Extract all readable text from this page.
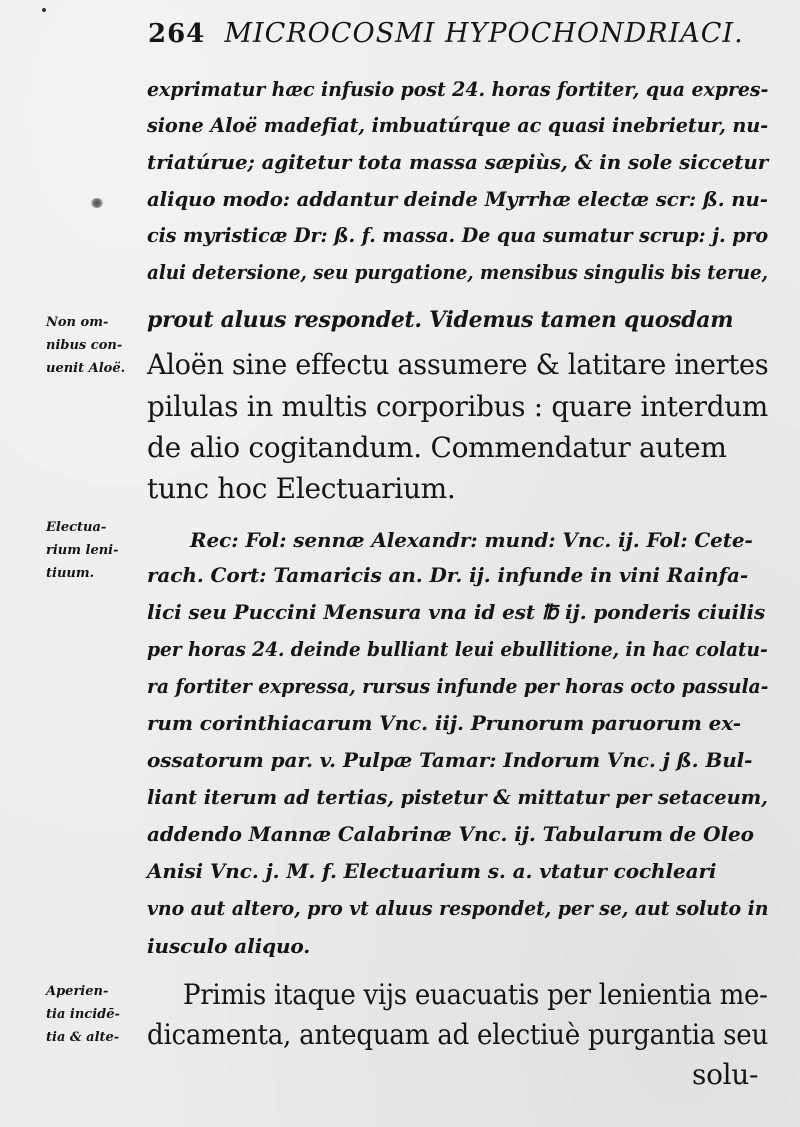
264 MICROCOSMI HYPOCHONDRIACI.
exprimatur hæc infusio post 24. horas fortiter, qua expres-
sione Aloë madefiat, imbuatúrque ac quasi inebrietur, nu-
triatúrue; agitetur tota massa sæpiùs, & in sole siccetur
aliquo modo: addantur deinde Myrrhæ electæ scr: ß. nu-
cis myristicæ Dr: ß. f. massa. De qua sumatur scrup: j. pro
alui detersione, seu purgatione, mensibus singulis bis terue,
prout aluus respondet. Videmus tamen quosdam
Aloën sine effectu assumere & latitare inertes
pilulas in multis corporibus : quare interdum
de alio cogitandum. Commendatur autem
tunc hoc Electuarium.
Rec: Fol: sennæ Alexandr: mund: Vnc. ij. Fol: Cete-
rach. Cort: Tamaricis an. Dr. ij. infunde in vini Rainfa-
lici seu Puccini Mensura vna id est ℔ ij. ponderis ciuilis
per horas 24. deinde bulliant leui ebullitione, in hac colatu-
ra fortiter expressa, rursus infunde per horas octo passula-
rum corinthiacarum Vnc. iij. Prunorum paruorum ex-
ossatorum par. v. Pulpæ Tamar: Indorum Vnc. j ß. Bul-
liant iterum ad tertias, pistetur & mittatur per setaceum,
addendo Mannæ Calabrinæ Vnc. ij. Tabularum de Oleo
Anisi Vnc. j. M. f. Electuarium s. a. vtatur cochleari
vno aut altero, pro vt aluus respondet, per se, aut soluto in
iusculo aliquo.
Primis itaque vijs euacuatis per lenientia me-
dicamenta, antequam ad electiuè purgantia seu
solu-
Non om-
nibus con-
uenit Aloë.
Electua-
rium leni-
tiuum.
Aperien-
tia incidē-
tia & alte-
